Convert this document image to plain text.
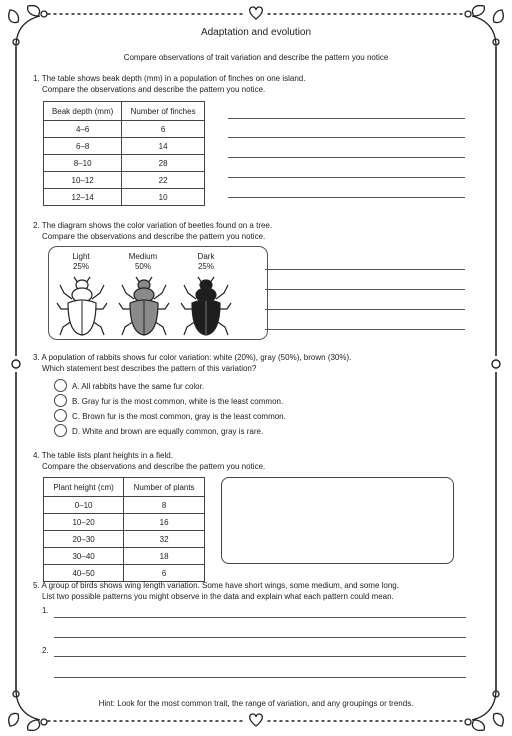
Adaptation and evolution
Compare observations of trait variation and describe the pattern you notice
1. The table shows beak depth (mm) in a population of finches on one island.
Compare the observations and describe the pattern you notice.
Beak depth (mm)	Number of finches
4–6	6
6–8	14
8–10	28
10–12	22
12–14	10
2. The diagram shows the color variation of beetles found on a tree.
Compare the observations and describe the pattern you notice.
Light
25%
Medium
50%
Dark
25%
3. A population of rabbits shows fur color variation: white (20%), gray (50%), brown (30%).
Which statement best describes the pattern of this variation?
A. All rabbits have the same fur color.
B. Gray fur is the most common, white is the least common.
C. Brown fur is the most common, gray is the least common.
D. White and brown are equally common, gray is rare.
4. The table lists plant heights in a field.
Compare the observations and describe the pattern you notice.
Plant height (cm)	Number of plants
0–10	8
10–20	16
20–30	32
30–40	18
40–50	6
5. A group of birds shows wing length variation. Some have short wings, some medium, and some long.
List two possible patterns you might observe in the data and explain what each pattern could mean.
1.
2.
Hint: Look for the most common trait, the range of variation, and any groupings or trends.
